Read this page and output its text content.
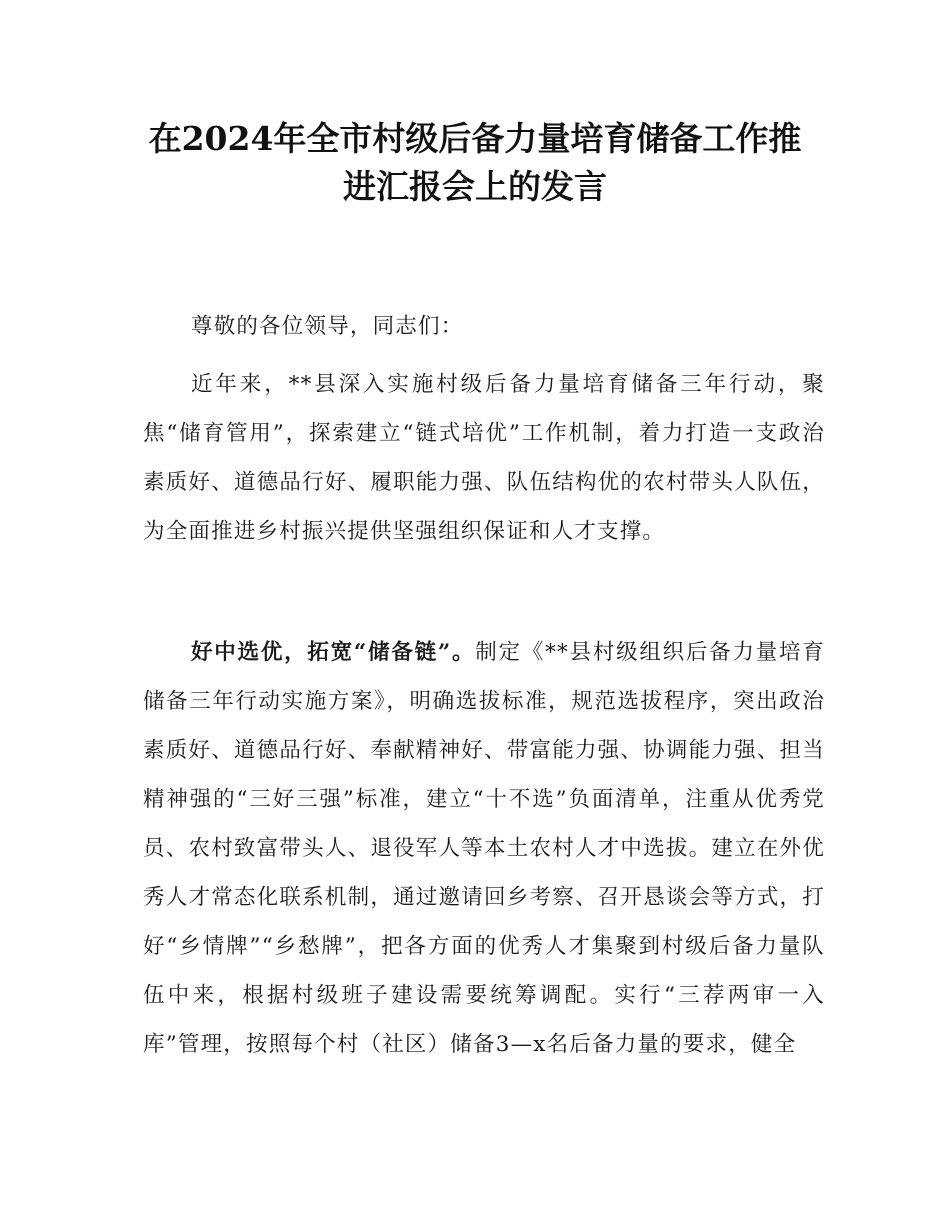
在2024年全市村级后备力量培育储备工作推
进汇报会上的发言

尊敬的各位领导，同志们：

近年来，**县深入实施村级后备力量培育储备三年行动，聚焦“储育管用”，探索建立“链式培优”工作机制，着力打造一支政治素质好、道德品行好、履职能力强、队伍结构优的农村带头人队伍，为全面推进乡村振兴提供坚强组织保证和人才支撑。

好中选优，拓宽“储备链”。制定《**县村级组织后备力量培育储备三年行动实施方案》，明确选拔标准，规范选拔程序，突出政治素质好、道德品行好、奉献精神好、带富能力强、协调能力强、担当精神强的“三好三强”标准，建立“十不选”负面清单，注重从优秀党员、农村致富带头人、退役军人等本土农村人才中选拔。建立在外优秀人才常态化联系机制，通过邀请回乡考察、召开恳谈会等方式，打好“乡情牌”“乡愁牌”，把各方面的优秀人才集聚到村级后备力量队伍中来，根据村级班子建设需要统筹调配。实行“三荐两审一入库”管理，按照每个村（社区）储备3—x名后备力量的要求，健全
